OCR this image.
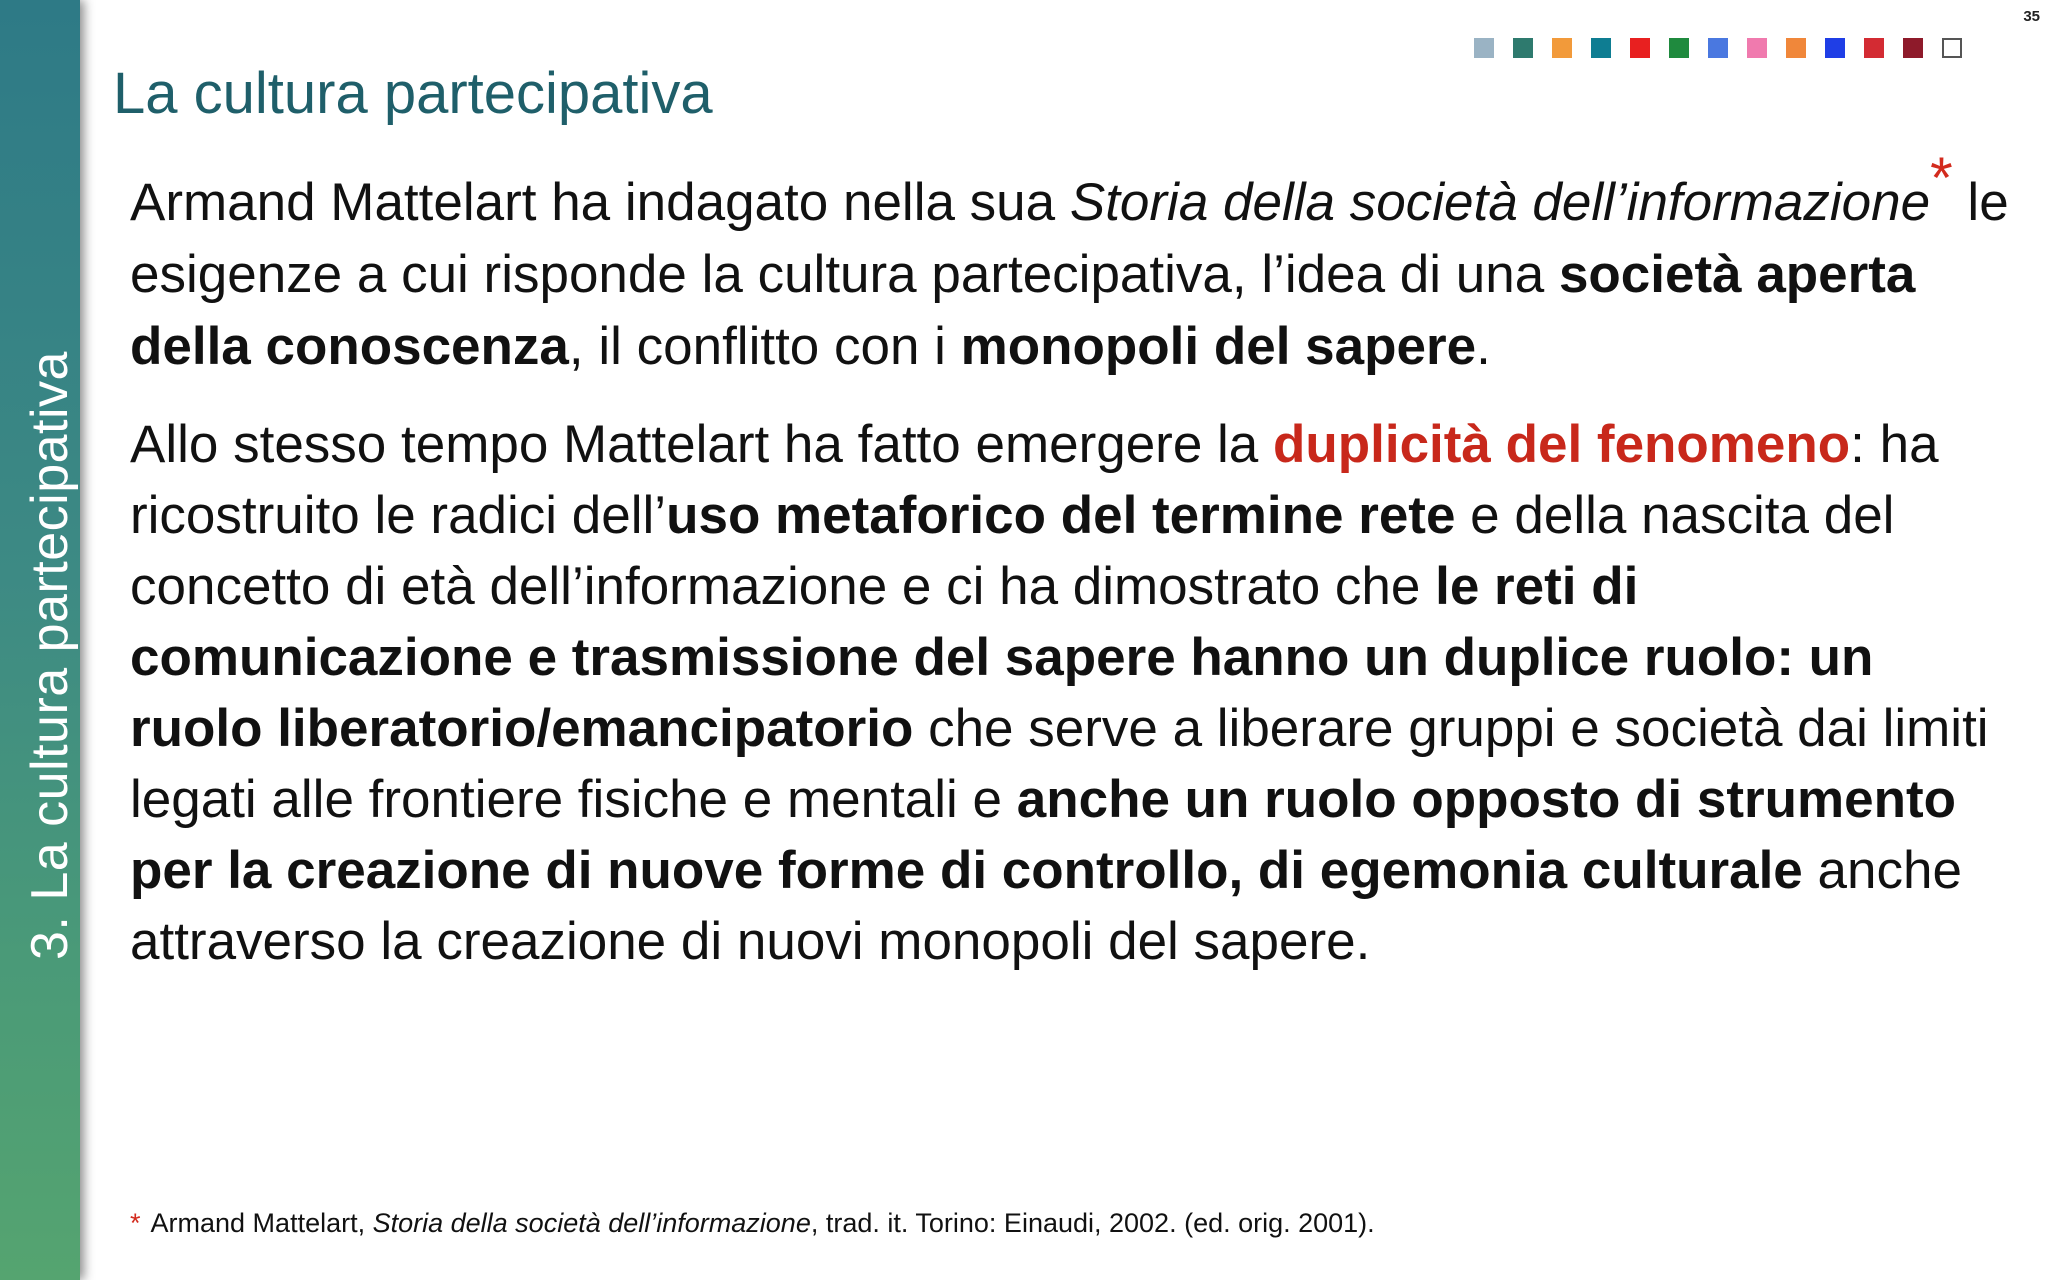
3. La cultura partecipativa
35
La cultura partecipativa

Armand Mattelart ha indagato nella sua Storia della società dell’informazione* le esigenze a cui risponde la cultura partecipativa, l’idea di una società aperta della conoscenza, il conflitto con i monopoli del sapere.

Allo stesso tempo Mattelart ha fatto emergere la duplicità del fenomeno: ha ricostruito le radici dell’uso metaforico del termine rete e della nascita del concetto di età dell’informazione e ci ha dimostrato che le reti di comunicazione e trasmissione del sapere hanno un duplice ruolo: un ruolo liberatorio/emancipatorio che serve a liberare gruppi e società dai limiti legati alle frontiere fisiche e mentali e anche un ruolo opposto di strumento per la creazione di nuove forme di controllo, di egemonia culturale anche attraverso la creazione di nuovi monopoli del sapere.

* Armand Mattelart, Storia della società dell’informazione, trad. it. Torino: Einaudi, 2002. (ed. orig. 2001).
